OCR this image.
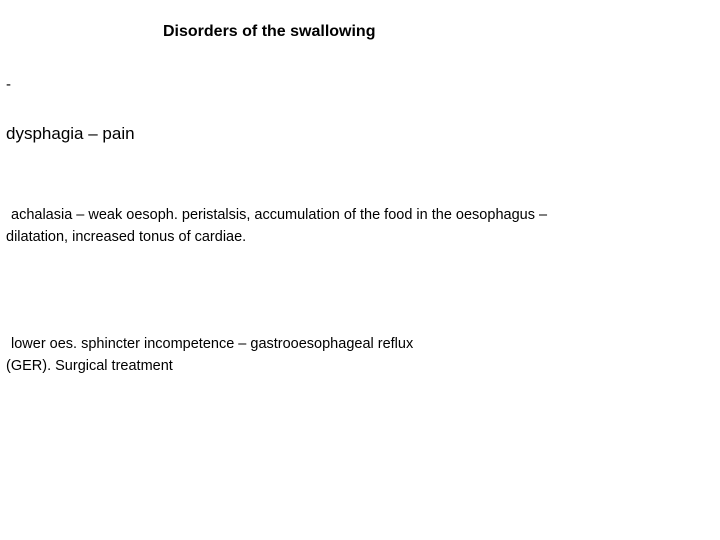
Disorders of the swallowing
-
dysphagia – pain
achalasia – weak oesoph. peristalsis, accumulation of the food in the oesophagus –
dilatation, increased tonus of cardiae.
lower oes. sphincter incompetence – gastrooesophageal reflux
(GER). Surgical treatment
